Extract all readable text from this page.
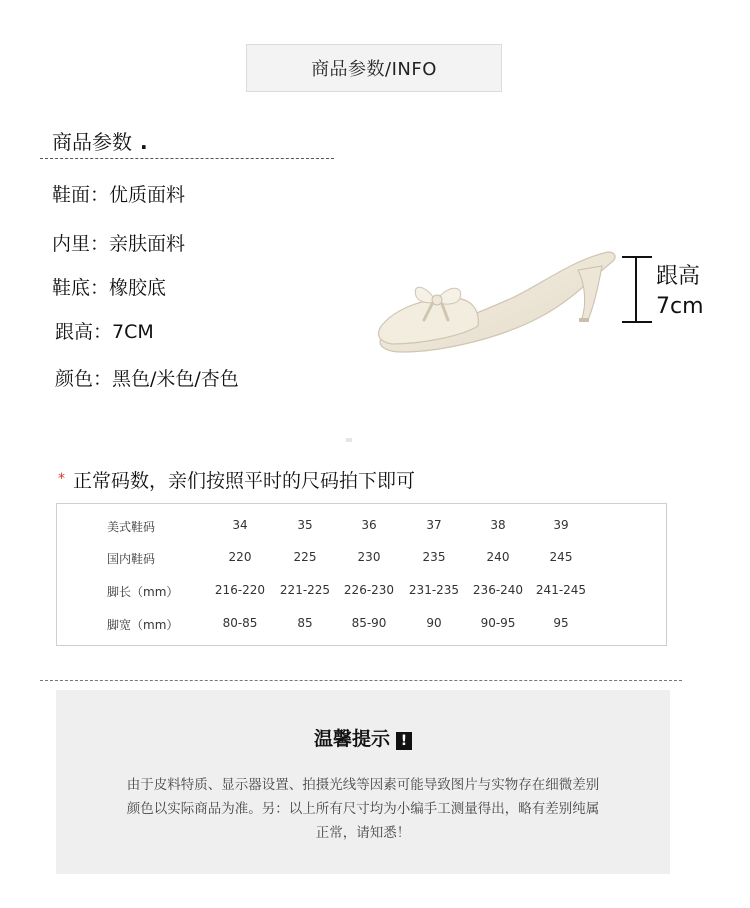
商品参数/INFO
商品参数 .
鞋面：优质面料
内里：亲肤面料
鞋底：橡胶底
跟高：7CM
颜色：黑色/米色/杏色
跟高
7cm
* 正常码数，亲们按照平时的尺码拍下即可
美式鞋码	34	35	36	37	38	39
国内鞋码	220	225	230	235	240	245
脚长（mm）	216-220	221-225	226-230	231-235	236-240	241-245
脚宽（mm）	80-85	85	85-90	90	90-95	95
温馨提示 !
由于皮料特质、显示器设置、拍摄光线等因素可能导致图片与实物存在细微差别
颜色以实际商品为准。另：以上所有尺寸均为小编手工测量得出，略有差别纯属
正常，请知悉！
